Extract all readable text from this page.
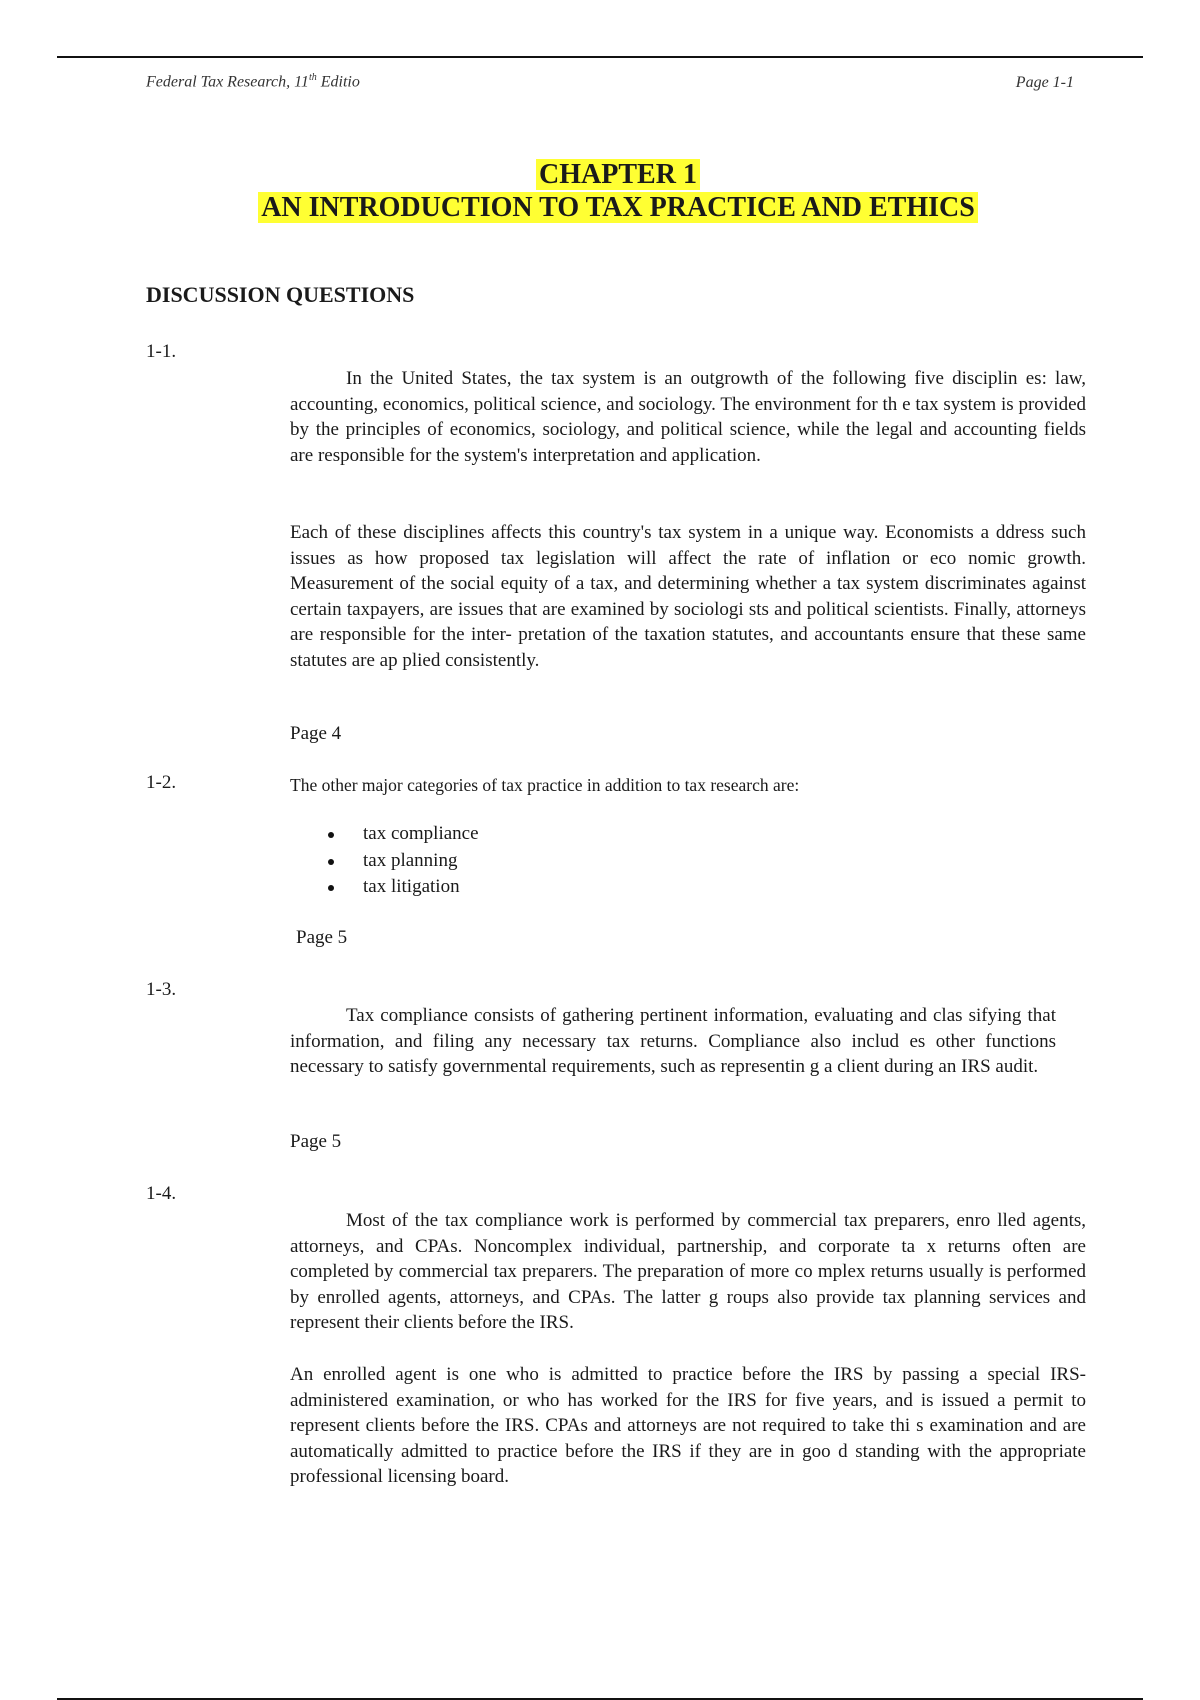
Federal Tax Research, 11th Editio	Page 1-1
CHAPTER 1
AN INTRODUCTION TO TAX PRACTICE AND ETHICS
DISCUSSION QUESTIONS
1-1.
In the United States, the tax system is an outgrowth of the following five disciplin es: law, accounting, economics, political science, and sociology. The environment for th e tax system is provided by the principles of economics, sociology, and political science, while the legal and accounting fields are responsible for the system's interpretation and application.
Each of these disciplines affects this country's tax system in a unique way. Economists a ddress such issues as how proposed tax legislation will affect the rate of inflation or eco nomic growth. Measurement of the social equity of a tax, and determining whether a tax system discriminates against certain taxpayers, are issues that are examined by sociologi sts and political scientists. Finally, attorneys are responsible for the inter- pretation of the taxation statutes, and accountants ensure that these same statutes are ap plied consistently.
Page 4
1-2.	The other major categories of tax practice in addition to tax research are:
tax compliance
tax planning
tax litigation
Page 5
1-3.
Tax compliance consists of gathering pertinent information, evaluating and clas sifying that information, and filing any necessary tax returns. Compliance also includ es other functions necessary to satisfy governmental requirements, such as representin g a client during an IRS audit.
Page 5
1-4.
Most of the tax compliance work is performed by commercial tax preparers, enro lled agents, attorneys, and CPAs. Noncomplex individual, partnership, and corporate ta x returns often are completed by commercial tax preparers. The preparation of more co mplex returns usually is performed by enrolled agents, attorneys, and CPAs. The latter g roups also provide tax planning services and represent their clients before the IRS.
An enrolled agent is one who is admitted to practice before the IRS by passing a special IRS- administered examination, or who has worked for the IRS for five years, and is issued a permit to represent clients before the IRS. CPAs and attorneys are not required to take thi s examination and are automatically admitted to practice before the IRS if they are in goo d standing with the appropriate professional licensing board.
